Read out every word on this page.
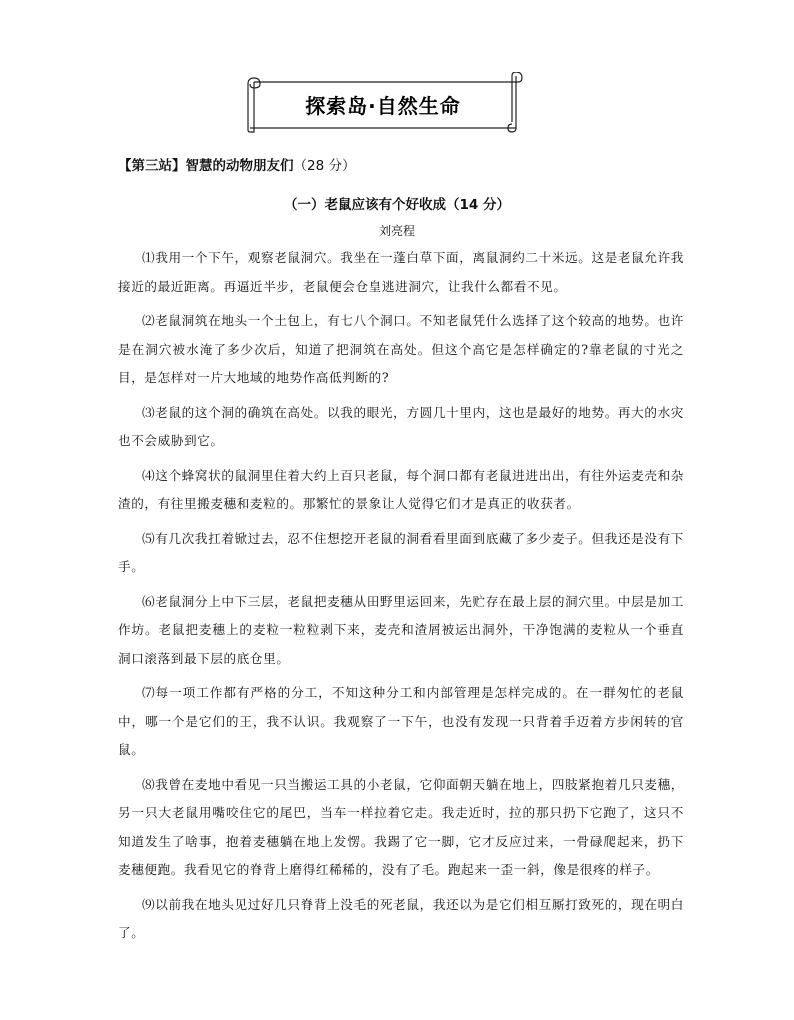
探索岛·自然生命
【第三站】智慧的动物朋友们（28 分）
（一）老鼠应该有个好收成（14 分）
刘亮程

⑴我用一个下午，观察老鼠洞穴。我坐在一蓬白草下面，离鼠洞约二十米远。这是老鼠允许我接近的最近距离。再逼近半步，老鼠便会仓皇逃进洞穴，让我什么都看不见。

⑵老鼠洞筑在地头一个土包上，有七八个洞口。不知老鼠凭什么选择了这个较高的地势。也许是在洞穴被水淹了多少次后，知道了把洞筑在高处。但这个高它是怎样确定的?靠老鼠的寸光之目，是怎样对一片大地域的地势作高低判断的?

⑶老鼠的这个洞的确筑在高处。以我的眼光，方圆几十里内，这也是最好的地势。再大的水灾也不会威胁到它。

⑷这个蜂窝状的鼠洞里住着大约上百只老鼠，每个洞口都有老鼠进进出出，有往外运麦壳和杂渣的，有往里搬麦穗和麦粒的。那繁忙的景象让人觉得它们才是真正的收获者。

⑸有几次我扛着锨过去，忍不住想挖开老鼠的洞看看里面到底藏了多少麦子。但我还是没有下手。

⑹老鼠洞分上中下三层，老鼠把麦穗从田野里运回来，先贮存在最上层的洞穴里。中层是加工作坊。老鼠把麦穗上的麦粒一粒粒剥下来，麦壳和渣屑被运出洞外，干净饱满的麦粒从一个垂直洞口滚落到最下层的底仓里。

⑺每一项工作都有严格的分工，不知这种分工和内部管理是怎样完成的。在一群匆忙的老鼠中，哪一个是它们的王，我不认识。我观察了一下午，也没有发现一只背着手迈着方步闲转的官鼠。

⑻我曾在麦地中看见一只当搬运工具的小老鼠，它仰面朝天躺在地上，四肢紧抱着几只麦穗，另一只大老鼠用嘴咬住它的尾巴，当车一样拉着它走。我走近时，拉的那只扔下它跑了，这只不知道发生了啥事，抱着麦穗躺在地上发愣。我踢了它一脚，它才反应过来，一骨碌爬起来，扔下麦穗便跑。我看见它的脊背上磨得红稀稀的，没有了毛。跑起来一歪一斜，像是很疼的样子。

⑼以前我在地头见过好几只脊背上没毛的死老鼠，我还以为是它们相互厮打致死的，现在明白了。
